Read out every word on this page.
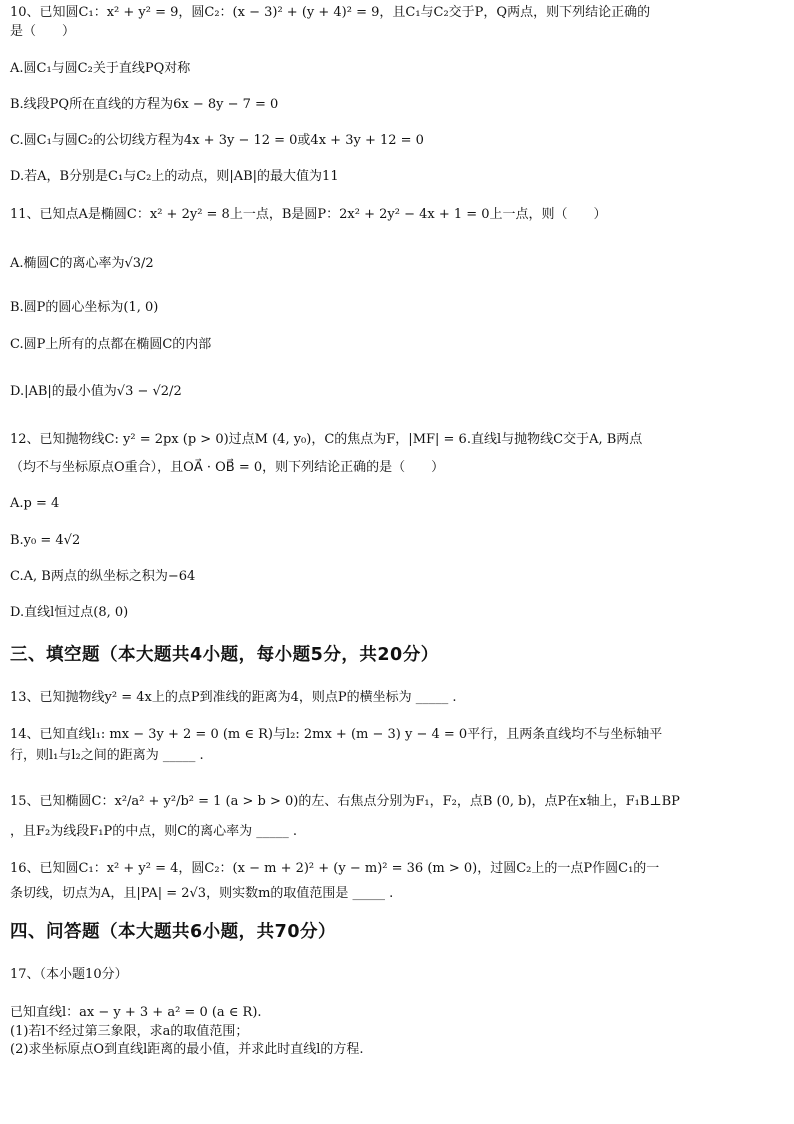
10、已知圆C₁：x² + y² = 9，圆C₂：(x − 3)² + (y + 4)² = 9，且C₁与C₂交于P，Q两点，则下列结论正确的
是（　　）
A.圆C₁与圆C₂关于直线PQ对称
B.线段PQ所在直线的方程为6x − 8y − 7 = 0
C.圆C₁与圆C₂的公切线方程为4x + 3y − 12 = 0或4x + 3y + 12 = 0
D.若A，B分别是C₁与C₂上的动点，则|AB|的最大值为11
11、已知点A是椭圆C：x² + 2y² = 8上一点，B是圆P：2x² + 2y² − 4x + 1 = 0上一点，则（　　）
A.椭圆C的离心率为√3/2
B.圆P的圆心坐标为(1, 0)
C.圆P上所有的点都在椭圆C的内部
D.|AB|的最小值为√3 − √2/2
12、已知抛物线C: y² = 2px (p > 0)过点M (4, y₀)，C的焦点为F，|MF| = 6.直线l与抛物线C交于A, B两点
（均不与坐标原点O重合），且OA⃗ · OB⃗ = 0，则下列结论正确的是（　　）
A.p = 4
B.y₀ = 4√2
C.A, B两点的纵坐标之积为−64
D.直线l恒过点(8, 0)
三、填空题（本大题共4小题，每小题5分，共20分）
13、已知抛物线y² = 4x上的点P到准线的距离为4，则点P的横坐标为 _____ .
14、已知直线l₁: mx − 3y + 2 = 0 (m ∈ R)与l₂: 2mx + (m − 3) y − 4 = 0平行，且两条直线均不与坐标轴平
行，则l₁与l₂之间的距离为 _____ .
15、已知椭圆C：x²/a² + y²/b² = 1 (a > b > 0)的左、右焦点分别为F₁，F₂，点B (0, b)，点P在x轴上，F₁B⊥BP
，且F₂为线段F₁P的中点，则C的离心率为 _____ .
16、已知圆C₁：x² + y² = 4，圆C₂：(x − m + 2)² + (y − m)² = 36 (m > 0)，过圆C₂上的一点P作圆C₁的一
条切线，切点为A，且|PA| = 2√3，则实数m的取值范围是 _____ .
四、问答题（本大题共6小题，共70分）
17、（本小题10分）
已知直线l：ax − y + 3 + a² = 0 (a ∈ R).
(1)若l不经过第三象限，求a的取值范围；
(2)求坐标原点O到直线l距离的最小值，并求此时直线l的方程.
